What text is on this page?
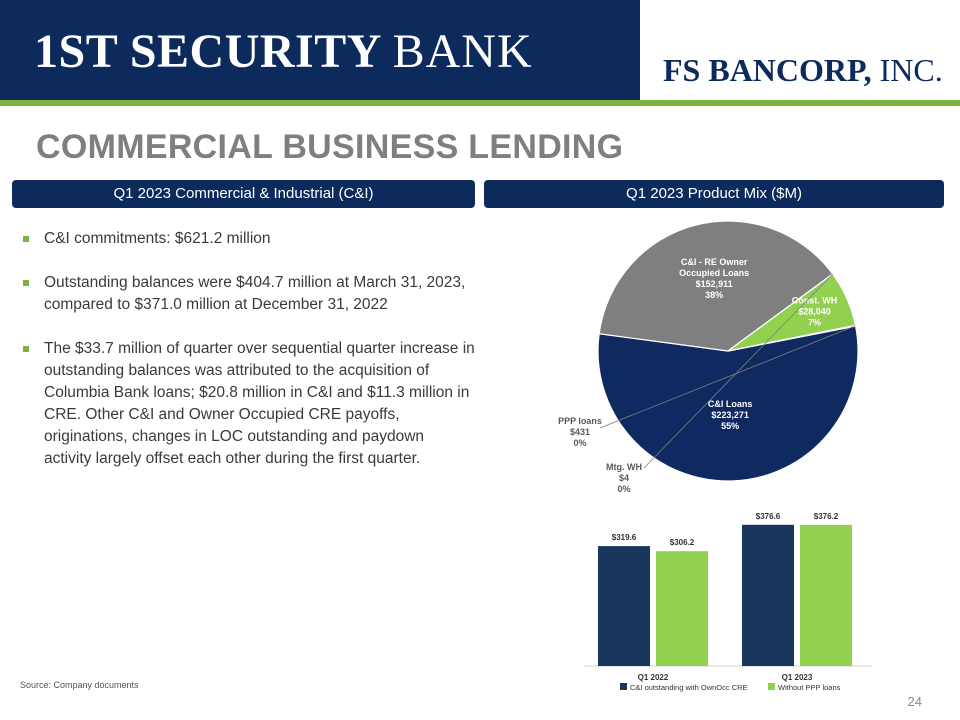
1ST SECURITY BANK	FS BANCORP, INC.
COMMERCIAL BUSINESS LENDING
Q1 2023 Commercial & Industrial (C&I)	Q1 2023 Product Mix ($M)
C&I commitments: $621.2 million
Outstanding balances were $404.7 million at March 31, 2023, compared to $371.0 million at December 31, 2022
The $33.7 million of quarter over sequential quarter increase in outstanding balances was attributed to the acquisition of Columbia Bank loans; $20.8 million in C&I and $11.3 million in CRE. Other C&I and Owner Occupied CRE payoffs, originations, changes in LOC outstanding and paydown activity largely offset each other during the first quarter.
C&I Loans $223,271 55%
C&I - RE Owner Occupied Loans $152,911 38%
Const. WH $28,040 7%
PPP loans $431 0%
Mtg. WH $4 0%
$319.6
$306.2
Q1 2022
$376.6	$376.2
Q1 2023
C&I outstanding with OwnOcc CRE	Without PPP loans
Source: Company documents
24
